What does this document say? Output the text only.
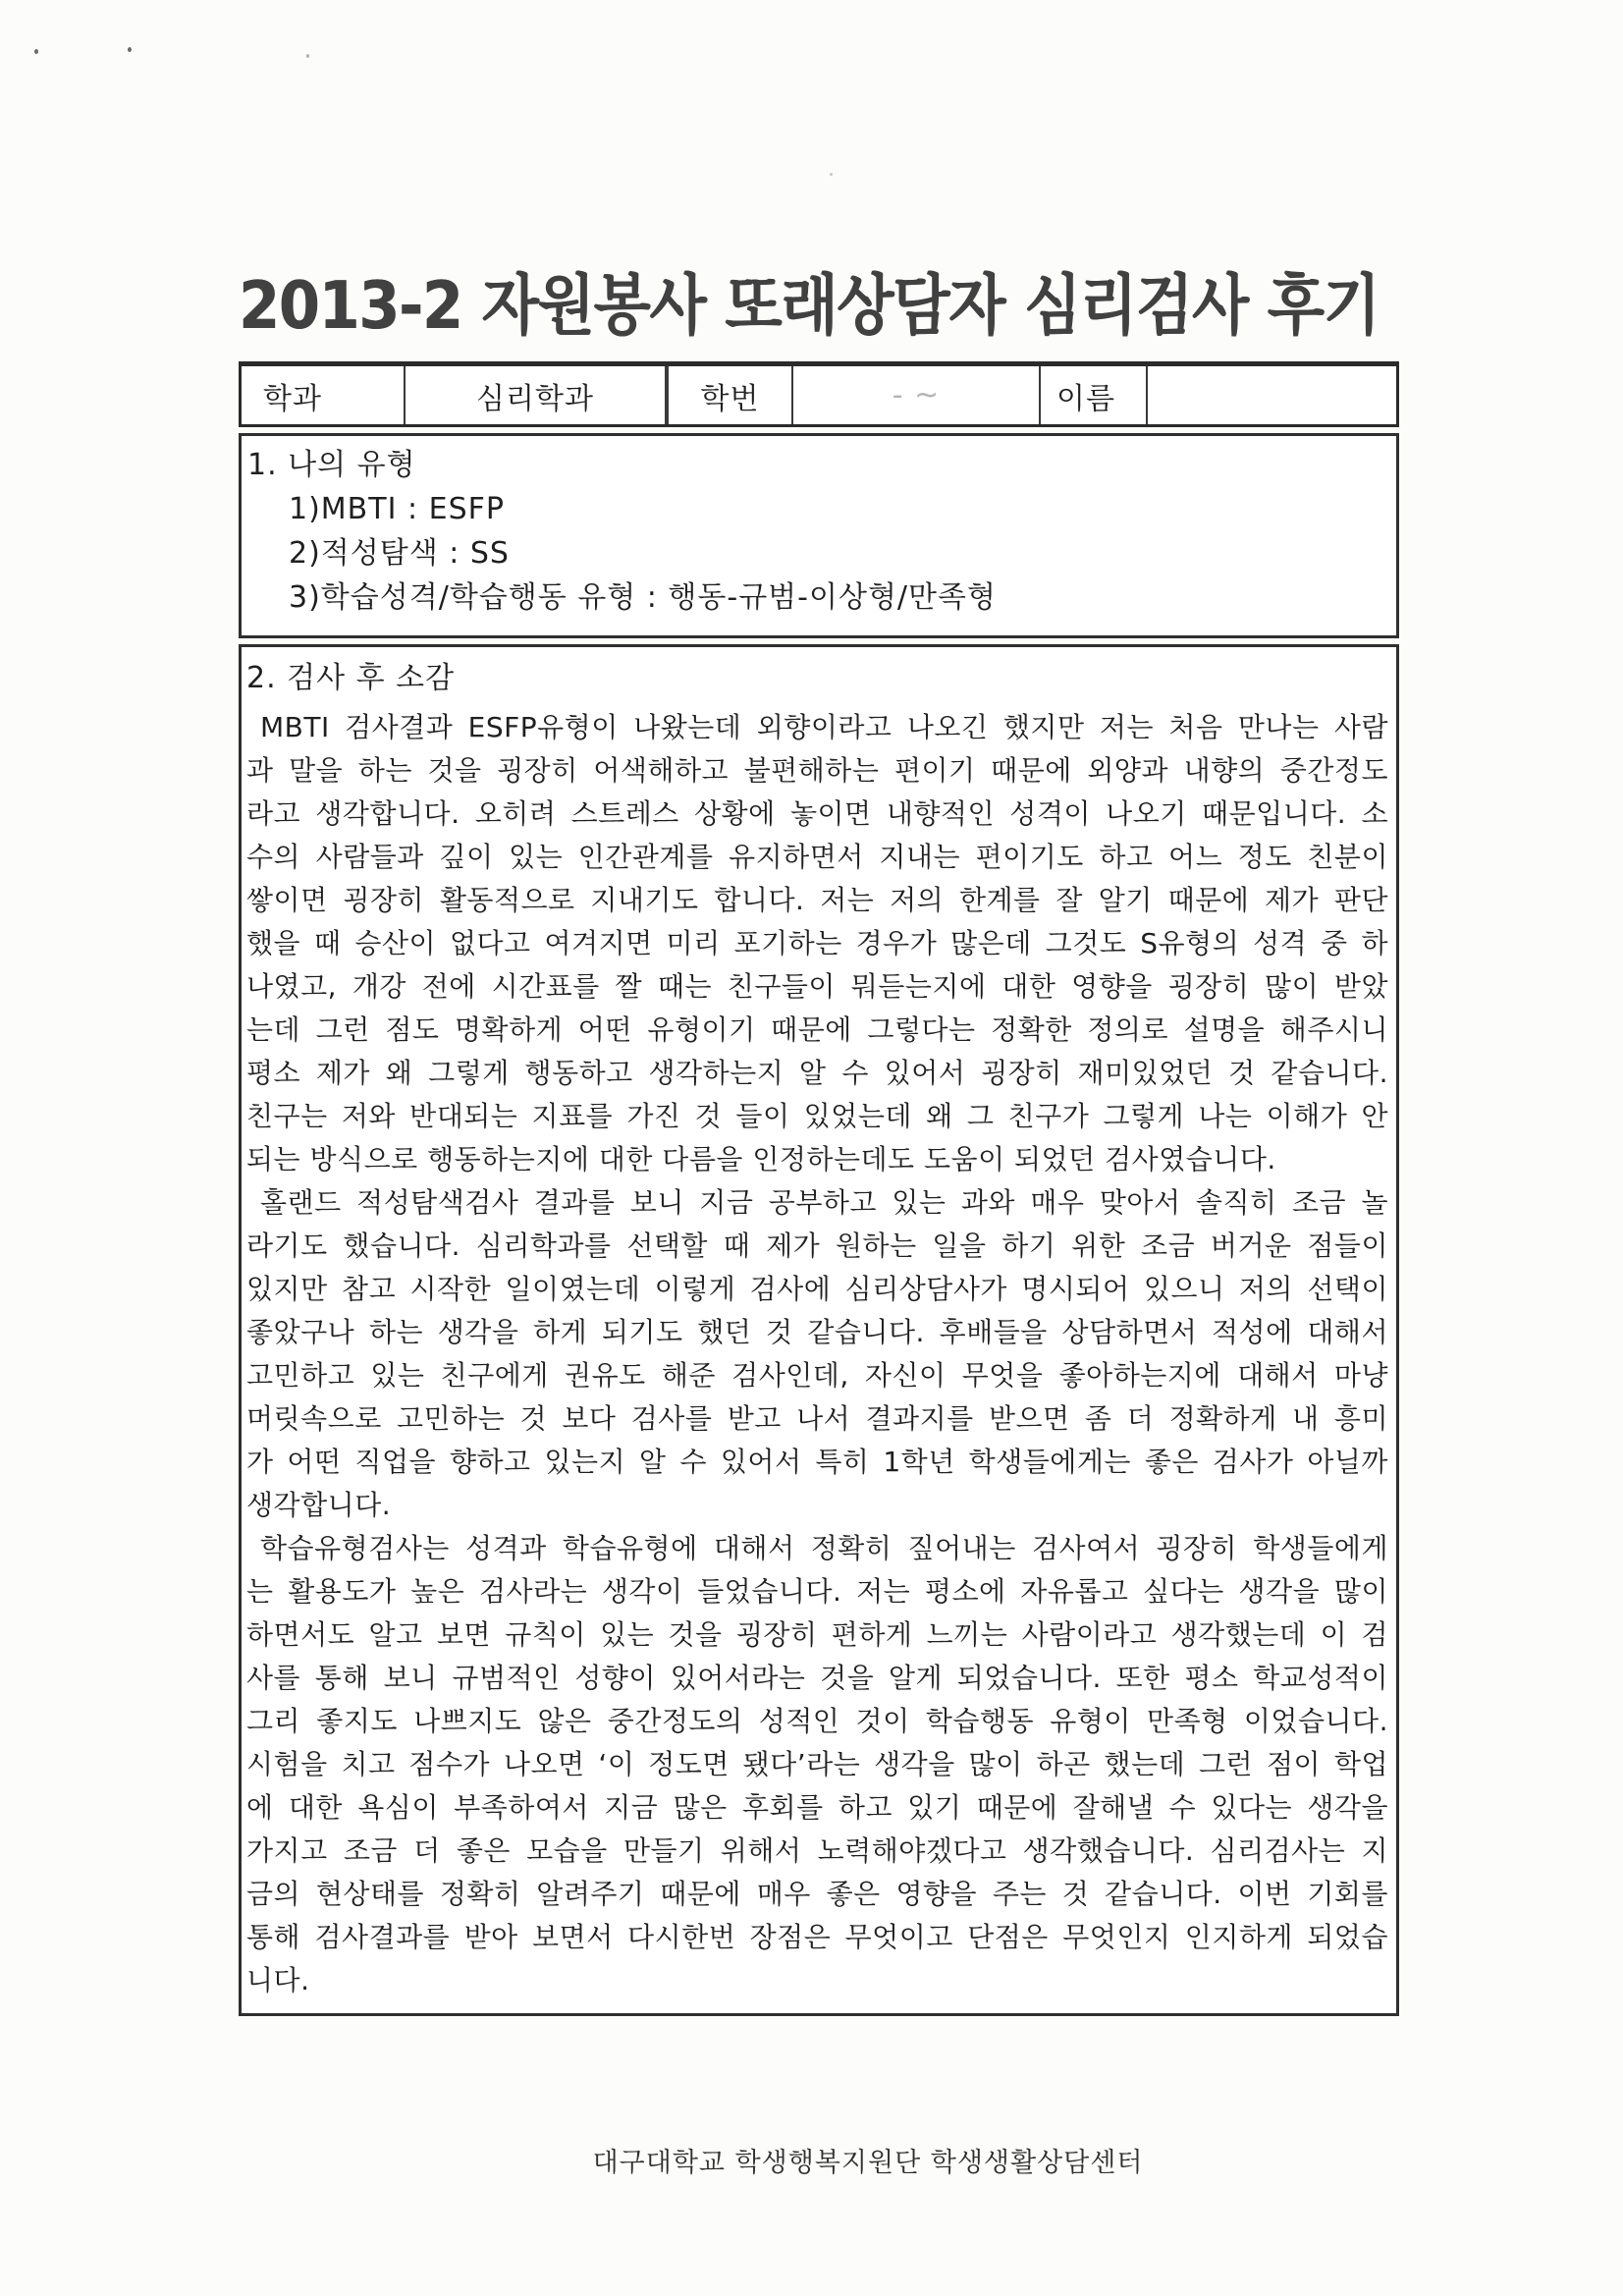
2013-2 자원봉사 또래상담자 심리검사 후기
학과	심리학과	학번	- ~	이름
1. 나의 유형
1)MBTI : ESFP
2)적성탐색 : SS
3)학습성격/학습행동 유형 : 행동-규범-이상형/만족형
2. 검사 후 소감
MBTI 검사결과 ESFP유형이 나왔는데 외향이라고 나오긴 했지만 저는 처음 만나는 사람
과 말을 하는 것을 굉장히 어색해하고 불편해하는 편이기 때문에 외양과 내향의 중간정도
라고 생각합니다. 오히려 스트레스 상황에 놓이면 내향적인 성격이 나오기 때문입니다. 소
수의 사람들과 깊이 있는 인간관계를 유지하면서 지내는 편이기도 하고 어느 정도 친분이
쌓이면 굉장히 활동적으로 지내기도 합니다. 저는 저의 한계를 잘 알기 때문에 제가 판단
했을 때 승산이 없다고 여겨지면 미리 포기하는 경우가 많은데 그것도 S유형의 성격 중 하
나였고, 개강 전에 시간표를 짤 때는 친구들이 뭐듣는지에 대한 영향을 굉장히 많이 받았
는데 그런 점도 명확하게 어떤 유형이기 때문에 그렇다는 정확한 정의로 설명을 해주시니
평소 제가 왜 그렇게 행동하고 생각하는지 알 수 있어서 굉장히 재미있었던 것 같습니다.
친구는 저와 반대되는 지표를 가진 것 들이 있었는데 왜 그 친구가 그렇게 나는 이해가 안
되는 방식으로 행동하는지에 대한 다름을 인정하는데도 도움이 되었던 검사였습니다.
홀랜드 적성탐색검사 결과를 보니 지금 공부하고 있는 과와 매우 맞아서 솔직히 조금 놀
라기도 했습니다. 심리학과를 선택할 때 제가 원하는 일을 하기 위한 조금 버거운 점들이
있지만 참고 시작한 일이였는데 이렇게 검사에 심리상담사가 명시되어 있으니 저의 선택이
좋았구나 하는 생각을 하게 되기도 했던 것 같습니다. 후배들을 상담하면서 적성에 대해서
고민하고 있는 친구에게 권유도 해준 검사인데, 자신이 무엇을 좋아하는지에 대해서 마냥
머릿속으로 고민하는 것 보다 검사를 받고 나서 결과지를 받으면 좀 더 정확하게 내 흥미
가 어떤 직업을 향하고 있는지 알 수 있어서 특히 1학년 학생들에게는 좋은 검사가 아닐까
생각합니다.
학습유형검사는 성격과 학습유형에 대해서 정확히 짚어내는 검사여서 굉장히 학생들에게
는 활용도가 높은 검사라는 생각이 들었습니다. 저는 평소에 자유롭고 싶다는 생각을 많이
하면서도 알고 보면 규칙이 있는 것을 굉장히 편하게 느끼는 사람이라고 생각했는데 이 검
사를 통해 보니 규범적인 성향이 있어서라는 것을 알게 되었습니다. 또한 평소 학교성적이
그리 좋지도 나쁘지도 않은 중간정도의 성적인 것이 학습행동 유형이 만족형 이었습니다.
시험을 치고 점수가 나오면 ‘이 정도면 됐다’라는 생각을 많이 하곤 했는데 그런 점이 학업
에 대한 욕심이 부족하여서 지금 많은 후회를 하고 있기 때문에 잘해낼 수 있다는 생각을
가지고 조금 더 좋은 모습을 만들기 위해서 노력해야겠다고 생각했습니다. 심리검사는 지
금의 현상태를 정확히 알려주기 때문에 매우 좋은 영향을 주는 것 같습니다. 이번 기회를
통해 검사결과를 받아 보면서 다시한번 장점은 무엇이고 단점은 무엇인지 인지하게 되었습
니다.
대구대학교 학생행복지원단 학생생활상담센터
